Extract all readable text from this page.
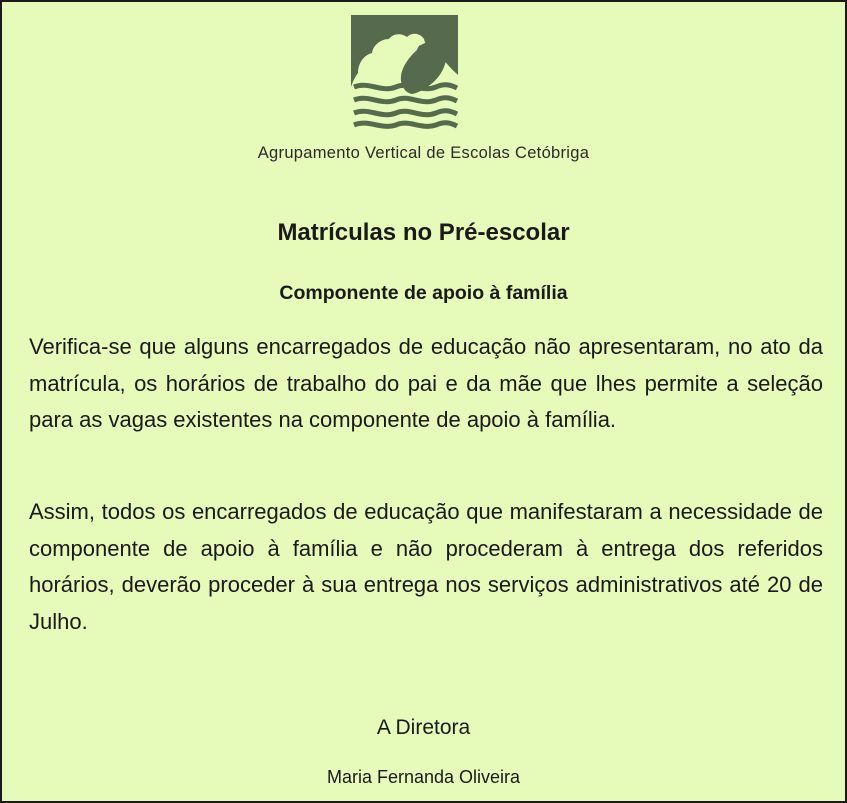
Agrupamento Vertical de Escolas Cetóbriga
Matrículas no Pré-escolar
Componente de apoio à família

Verifica-se que alguns encarregados de educação não apresentaram, no ato da matrícula, os horários de trabalho do pai e da mãe que lhes permite a seleção para as vagas existentes na componente de apoio à família.

Assim, todos os encarregados de educação que manifestaram a necessidade de componente de apoio à família e não procederam à entrega dos referidos horários, deverão proceder à sua entrega nos serviços administrativos até 20 de Julho.

A Diretora
Maria Fernanda Oliveira
